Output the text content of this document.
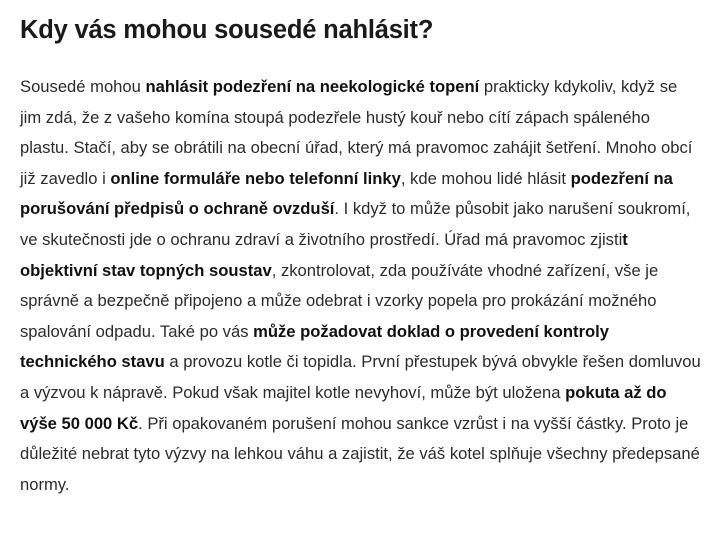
Kdy vás mohou sousedé nahlásit?

Sousedé mohou nahlásit podezření na neekologické topení prakticky kdykoliv, když se jim zdá, že z vašeho komína stoupá podezřele hustý kouř nebo cítí zápach spáleného plastu. Stačí, aby se obrátili na obecní úřad, který má pravomoc zahájit šetření. Mnoho obcí již zavedlo i online formuláře nebo telefonní linky, kde mohou lidé hlásit podezření na porušování předpisů o ochraně ovzduší. I když to může působit jako narušení soukromí, ve skutečnosti jde o ochranu zdraví a životního prostředí. Úřad má pravomoc zjistit objektivní stav topných soustav, zkontrolovat, zda používáte vhodné zařízení, vše je správně a bezpečně připojeno a může odebrat i vzorky popela pro prokázání možného spalování odpadu. Také po vás může požadovat doklad o provedení kontroly technického stavu a provozu kotle či topidla. První přestupek bývá obvykle řešen domluvou a výzvou k nápravě. Pokud však majitel kotle nevyhoví, může být uložena pokuta až do výše 50 000 Kč. Při opakovaném porušení mohou sankce vzrůst i na vyšší částky. Proto je důležité nebrat tyto výzvy na lehkou váhu a zajistit, že váš kotel splňuje všechny předepsané normy.
